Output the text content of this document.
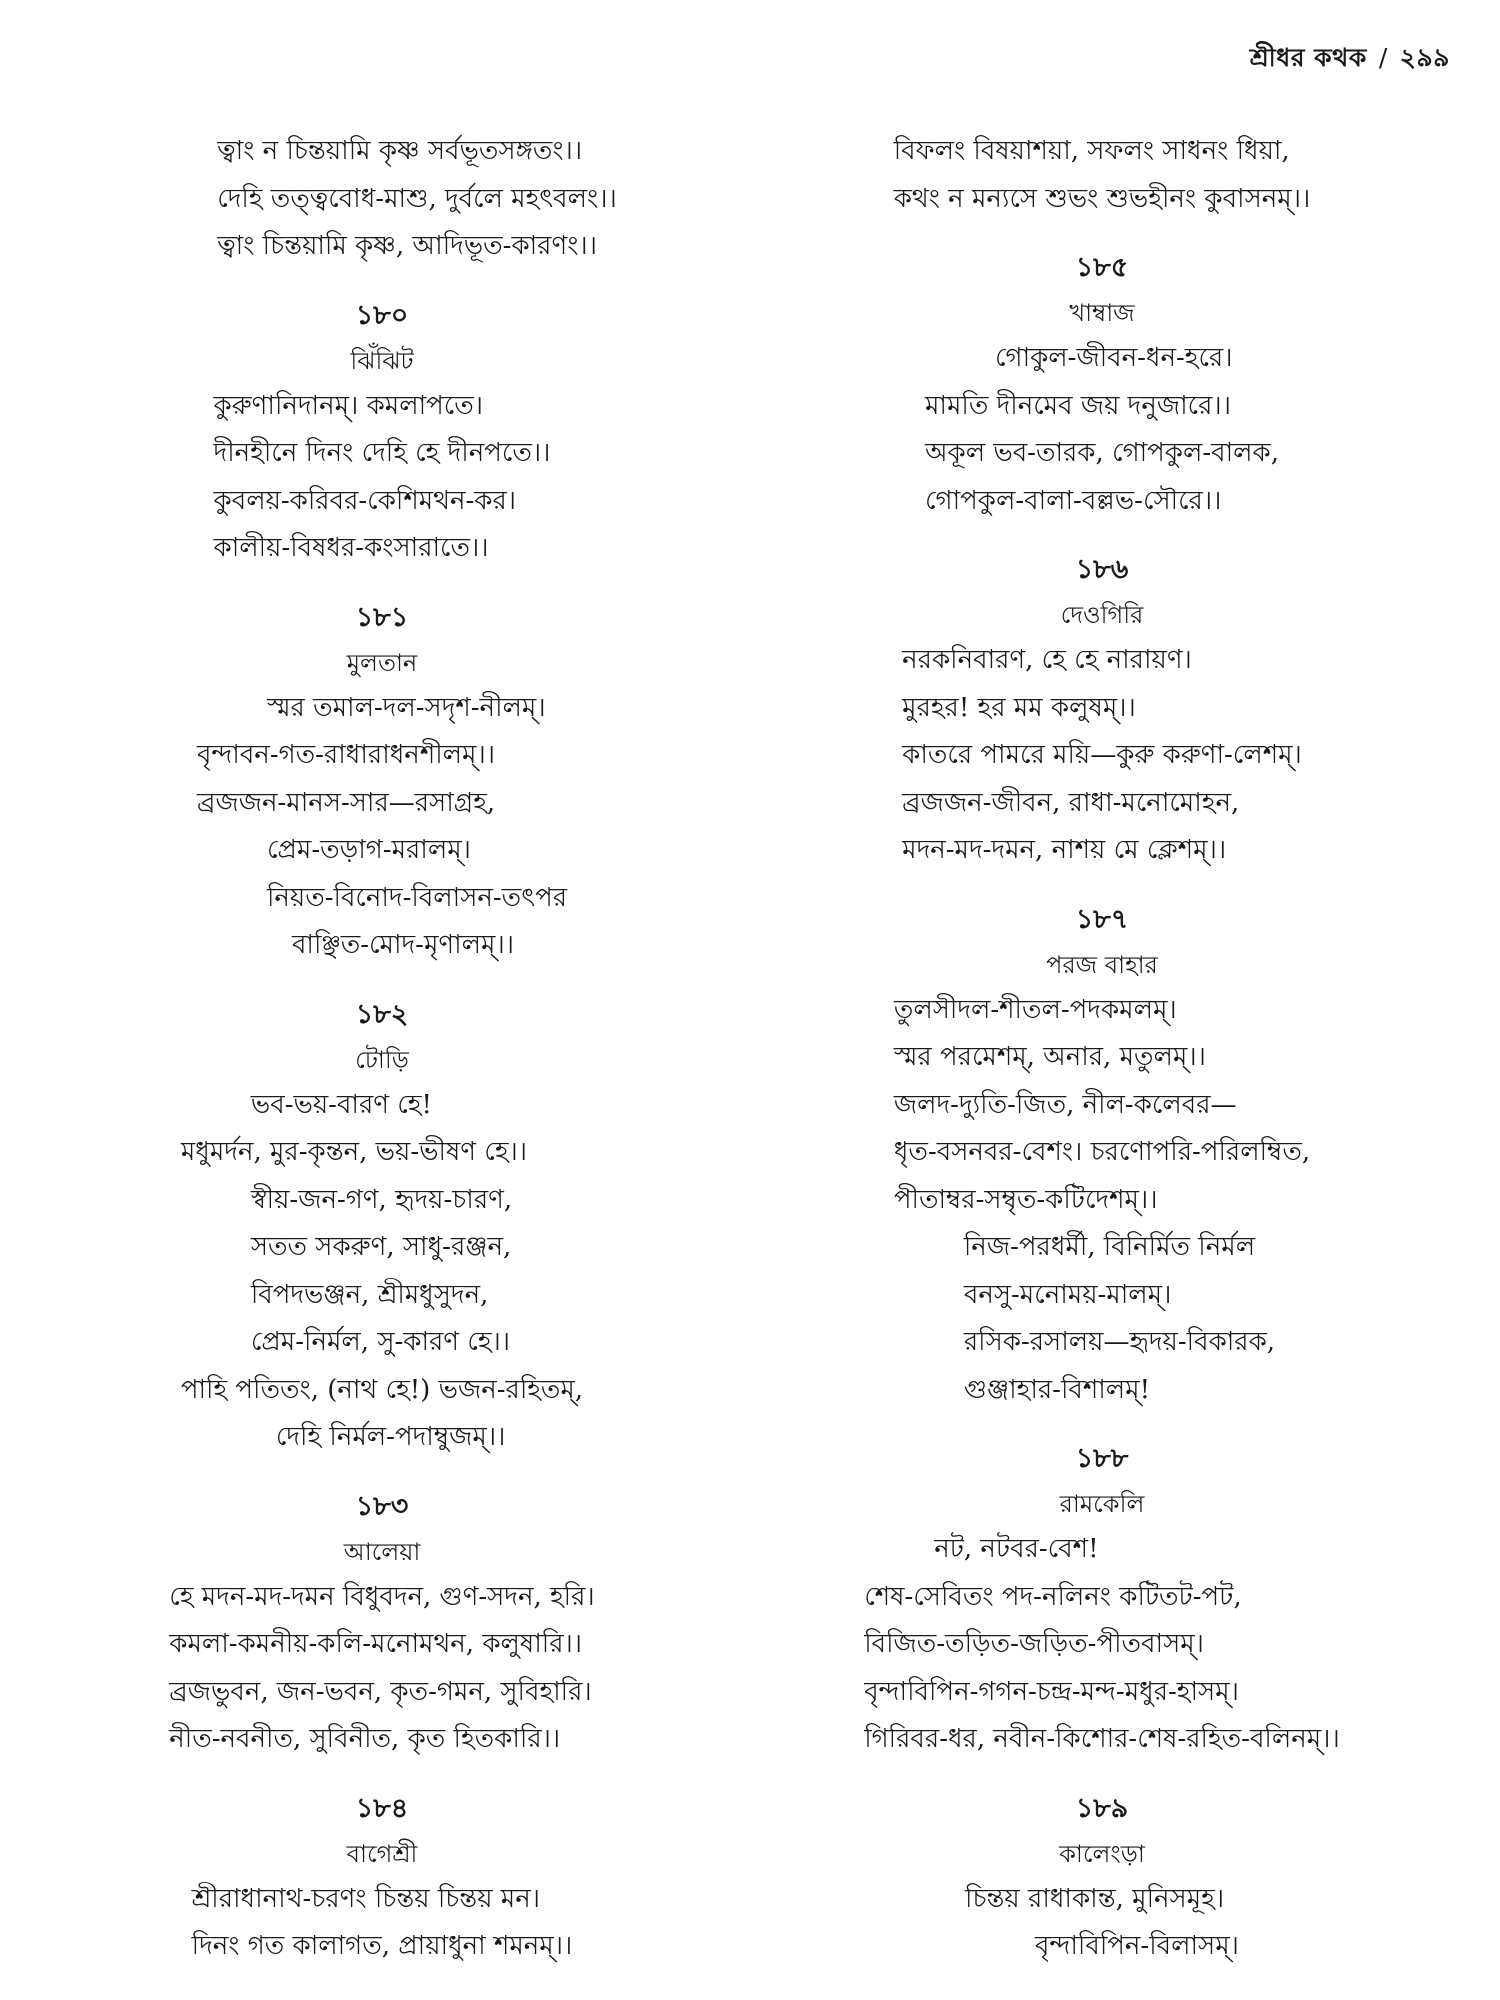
শ্রীধর কথক / ২৯৯
ত্বাং ন চিন্তয়ামি কৃষ্ণ সর্বভূতসঙ্গতং।।
দেহি তত্ত্ববোধ-মাশু, দুর্বলে মহৎবলং।।
ত্বাং চিন্তয়ামি কৃষ্ণ, আদিভূত-কারণং।।
১৮০
ঝিঁঝিট
কুরুণানিদানম্। কমলাপতে।
দীনহীনে দিনং দেহি হে দীনপতে।।
কুবলয়-করিবর-কেশিমথন-কর।
কালীয়-বিষধর-কংসারাতে।।
১৮১
মুলতান
স্মর তমাল-দল-সদৃশ-নীলম্।
বৃন্দাবন-গত-রাধারাধনশীলম্।।
ব্রজজন-মানস-সার—রসাগ্রহ,
প্রেম-তড়াগ-মরালম্।
নিয়ত-বিনোদ-বিলাসন-তৎপর
বাঞ্ছিত-মোদ-মৃণালম্।।
১৮২
টোড়ি
ভব-ভয়-বারণ হে!
মধুমর্দন, মুর-কৃন্তন, ভয়-ভীষণ হে।।
স্বীয়-জন-গণ, হৃদয়-চারণ,
সতত সকরুণ, সাধু-রঞ্জন,
বিপদভঞ্জন, শ্রীমধুসুদন,
প্রেম-নির্মল, সু-কারণ হে।।
পাহি পতিতং, (নাথ হে!) ভজন-রহিতম্,
দেহি নির্মল-পদাম্বুজম্।।
১৮৩
আলেয়া
হে মদন-মদ-দমন বিধুবদন, গুণ-সদন, হরি।
কমলা-কমনীয়-কলি-মনোমথন, কলুষারি।।
ব্রজভুবন, জন-ভবন, কৃত-গমন, সুবিহারি।
নীত-নবনীত, সুবিনীত, কৃত হিতকারি।।
১৮৪
বাগেশ্রী
শ্রীরাধানাথ-চরণং চিন্তয় চিন্তয় মন।
দিনং গত কালাগত, প্রায়াধুনা শমনম্।।
বিফলং বিষয়াশয়া, সফলং সাধনং ধিয়া,
কথং ন মন্যসে শুভং শুভহীনং কুবাসনম্।।
১৮৫
খাম্বাজ
গোকুল-জীবন-ধন-হরে।
মামতি দীনমেব জয় দনুজারে।।
অকূল ভব-তারক, গোপকুল-বালক,
গোপকুল-বালা-বল্লভ-সৌরে।।
১৮৬
দেওগিরি
নরকনিবারণ, হে হে নারায়ণ।
মুরহর! হর মম কলুষম্।।
কাতরে পামরে ময়ি—কুরু করুণা-লেশম্।
ব্রজজন-জীবন, রাধা-মনোমোহন,
মদন-মদ-দমন, নাশয় মে ক্লেশম্।।
১৮৭
পরজ বাহার
তুলসীদল-শীতল-পদকমলম্।
স্মর পরমেশম্, অনার, মতুলম্।।
জলদ-দ্যুতি-জিত, নীল-কলেবর—
ধৃত-বসনবর-বেশং। চরণোপরি-পরিলম্বিত,
পীতাম্বর-সম্বৃত-কটিদেশম্।।
নিজ-পরধর্মী, বিনির্মিত নির্মল
বনসু-মনোময়-মালম্।
রসিক-রসালয়—হৃদয়-বিকারক,
গুঞ্জাহার-বিশালম্!
১৮৮
রামকেলি
নট, নটবর-বেশ!
শেষ-সেবিতং পদ-নলিনং কটিতট-পট,
বিজিত-তড়িত-জড়িত-পীতবাসম্।
বৃন্দাবিপিন-গগন-চন্দ্র-মন্দ-মধুর-হাসম্।
গিরিবর-ধর, নবীন-কিশোর-শেষ-রহিত-বলিনম্।।
১৮৯
কালেংড়া
চিন্তয় রাধাকান্ত, মুনিসমূহ।
বৃন্দাবিপিন-বিলাসম্।
